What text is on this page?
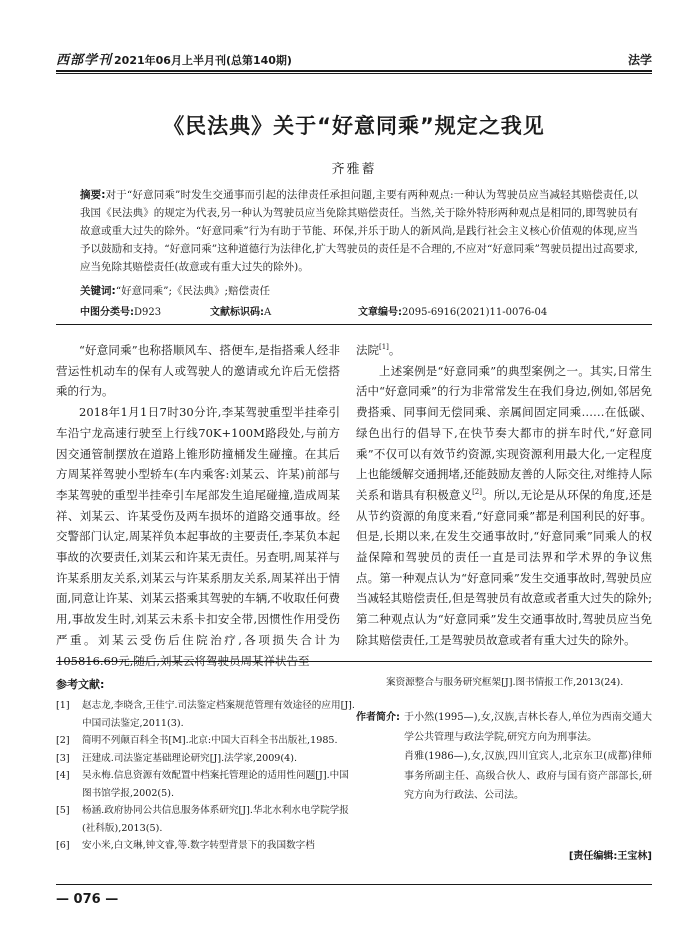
西部学刊 2021年06月上半月刊(总第140期)	法学
《民法典》关于“好意同乘”规定之我见
齐雅蓄
摘要:对于“好意同乘”时发生交通事而引起的法律责任承担问题,主要有两种观点:一种认为驾驶员应当减轻其赔偿责任,以我国《民法典》的规定为代表,另一种认为驾驶员应当免除其赔偿责任。当然,关于除外特形两种观点是相同的,即驾驶员有故意或重大过失的除外。“好意同乘”行为有助于节能、环保,并乐于助人的新风尚,是践行社会主义核心价值观的体现,应当予以鼓励和支持。“好意同乘”这种道德行为法律化,扩大驾驶员的责任是不合理的,不应对“好意同乘”驾驶员提出过高要求,应当免除其赔偿责任(故意或有重大过失的除外)。
关键词:“好意同乘”;《民法典》;赔偿责任
中图分类号:D923	文献标识码:A	文章编号:2095-6916(2021)11-0076-04

“好意同乘”也称搭顺风车、搭便车,是指搭乘人经非营运性机动车的保有人或驾驶人的邀请或允许后无偿搭乘的行为。

2018年1月1日7时30分许,李某驾驶重型半挂牵引车沿宁龙高速行驶至上行线70K+100M路段处,与前方因交通管制摆放在道路上锥形防撞桶发生碰撞。在其后方周某祥驾驶小型轿车(车内乘客:刘某云、许某)前部与李某驾驶的重型半挂牵引车尾部发生追尾碰撞,造成周某祥、刘某云、许某受伤及两车损坏的道路交通事故。经交警部门认定,周某祥负本起事故的主要责任,李某负本起事故的次要责任,刘某云和许某无责任。另查明,周某祥与许某系朋友关系,刘某云与许某系朋友关系,周某祥出于情面,同意让许某、刘某云搭乘其驾驶的车辆,不收取任何费用,事故发生时,刘某云未系卡扣安全带,因惯性作用受伤严重。刘某云受伤后住院治疗,各项损失合计为105816.69元,随后,刘某云将驾驶员周某祥状告至

法院[1]。

上述案例是“好意同乘”的典型案例之一。其实,日常生活中“好意同乘”的行为非常常发生在我们身边,例如,邻居免费搭乘、同事间无偿同乘、亲属间固定同乘……在低碳、绿色出行的倡导下,在快节奏大都市的拼车时代,“好意同乘”不仅可以有效节约资源,实现资源利用最大化,一定程度上也能缓解交通拥堵,还能鼓励友善的人际交往,对维持人际关系和谐具有积极意义[2]。所以,无论是从环保的角度,还是从节约资源的角度来看,“好意同乘”都是利国利民的好事。但是,长期以来,在发生交通事故时,“好意同乘”同乘人的权益保障和驾驶员的责任一直是司法界和学术界的争议焦点。第一种观点认为“好意同乘”发生交通事故时,驾驶员应当减轻其赔偿责任,但是驾驶员有故意或者重大过失的除外;第二种观点认为“好意同乘”发生交通事故时,驾驶员应当免除其赔偿责任,工是驾驶员故意或者有重大过失的除外。

参考文献:
[1]	赵志龙,李晓含,王佳宁.司法鉴定档案规范管理有效途径的应用[J].中国司法鉴定,2011(3).
[2]	简明不列颠百科全书[M].北京:中国大百科全书出版社,1985.
[3]	汪建成.司法鉴定基础理论研究[J].法学家,2009(4).
[4]	吴永梅.信息资源有效配置中档案托管理论的适用性问题[J].中国图书馆学报,2002(5).
[5]	杨涵.政府协同公共信息服务体系研究[J].华北水利水电学院学报(社科版),2013(5).
[6]	安小米,白文琳,钟文睿,等.数字转型背景下的我国数字档
案资源整合与服务研究框架[J].图书情报工作,2013(24).
作者简介: 于小然(1995—),女,汉族,吉林长春人,单位为西南交通大学公共管理与政法学院,研究方向为刑事法。
肖雅(1986—),女,汉族,四川宜宾人,北京东卫(成都)律师事务所副主任、高级合伙人、政府与国有资产部部长,研究方向为行政法、公司法。
[责任编辑:王宝林]
— 076 —
